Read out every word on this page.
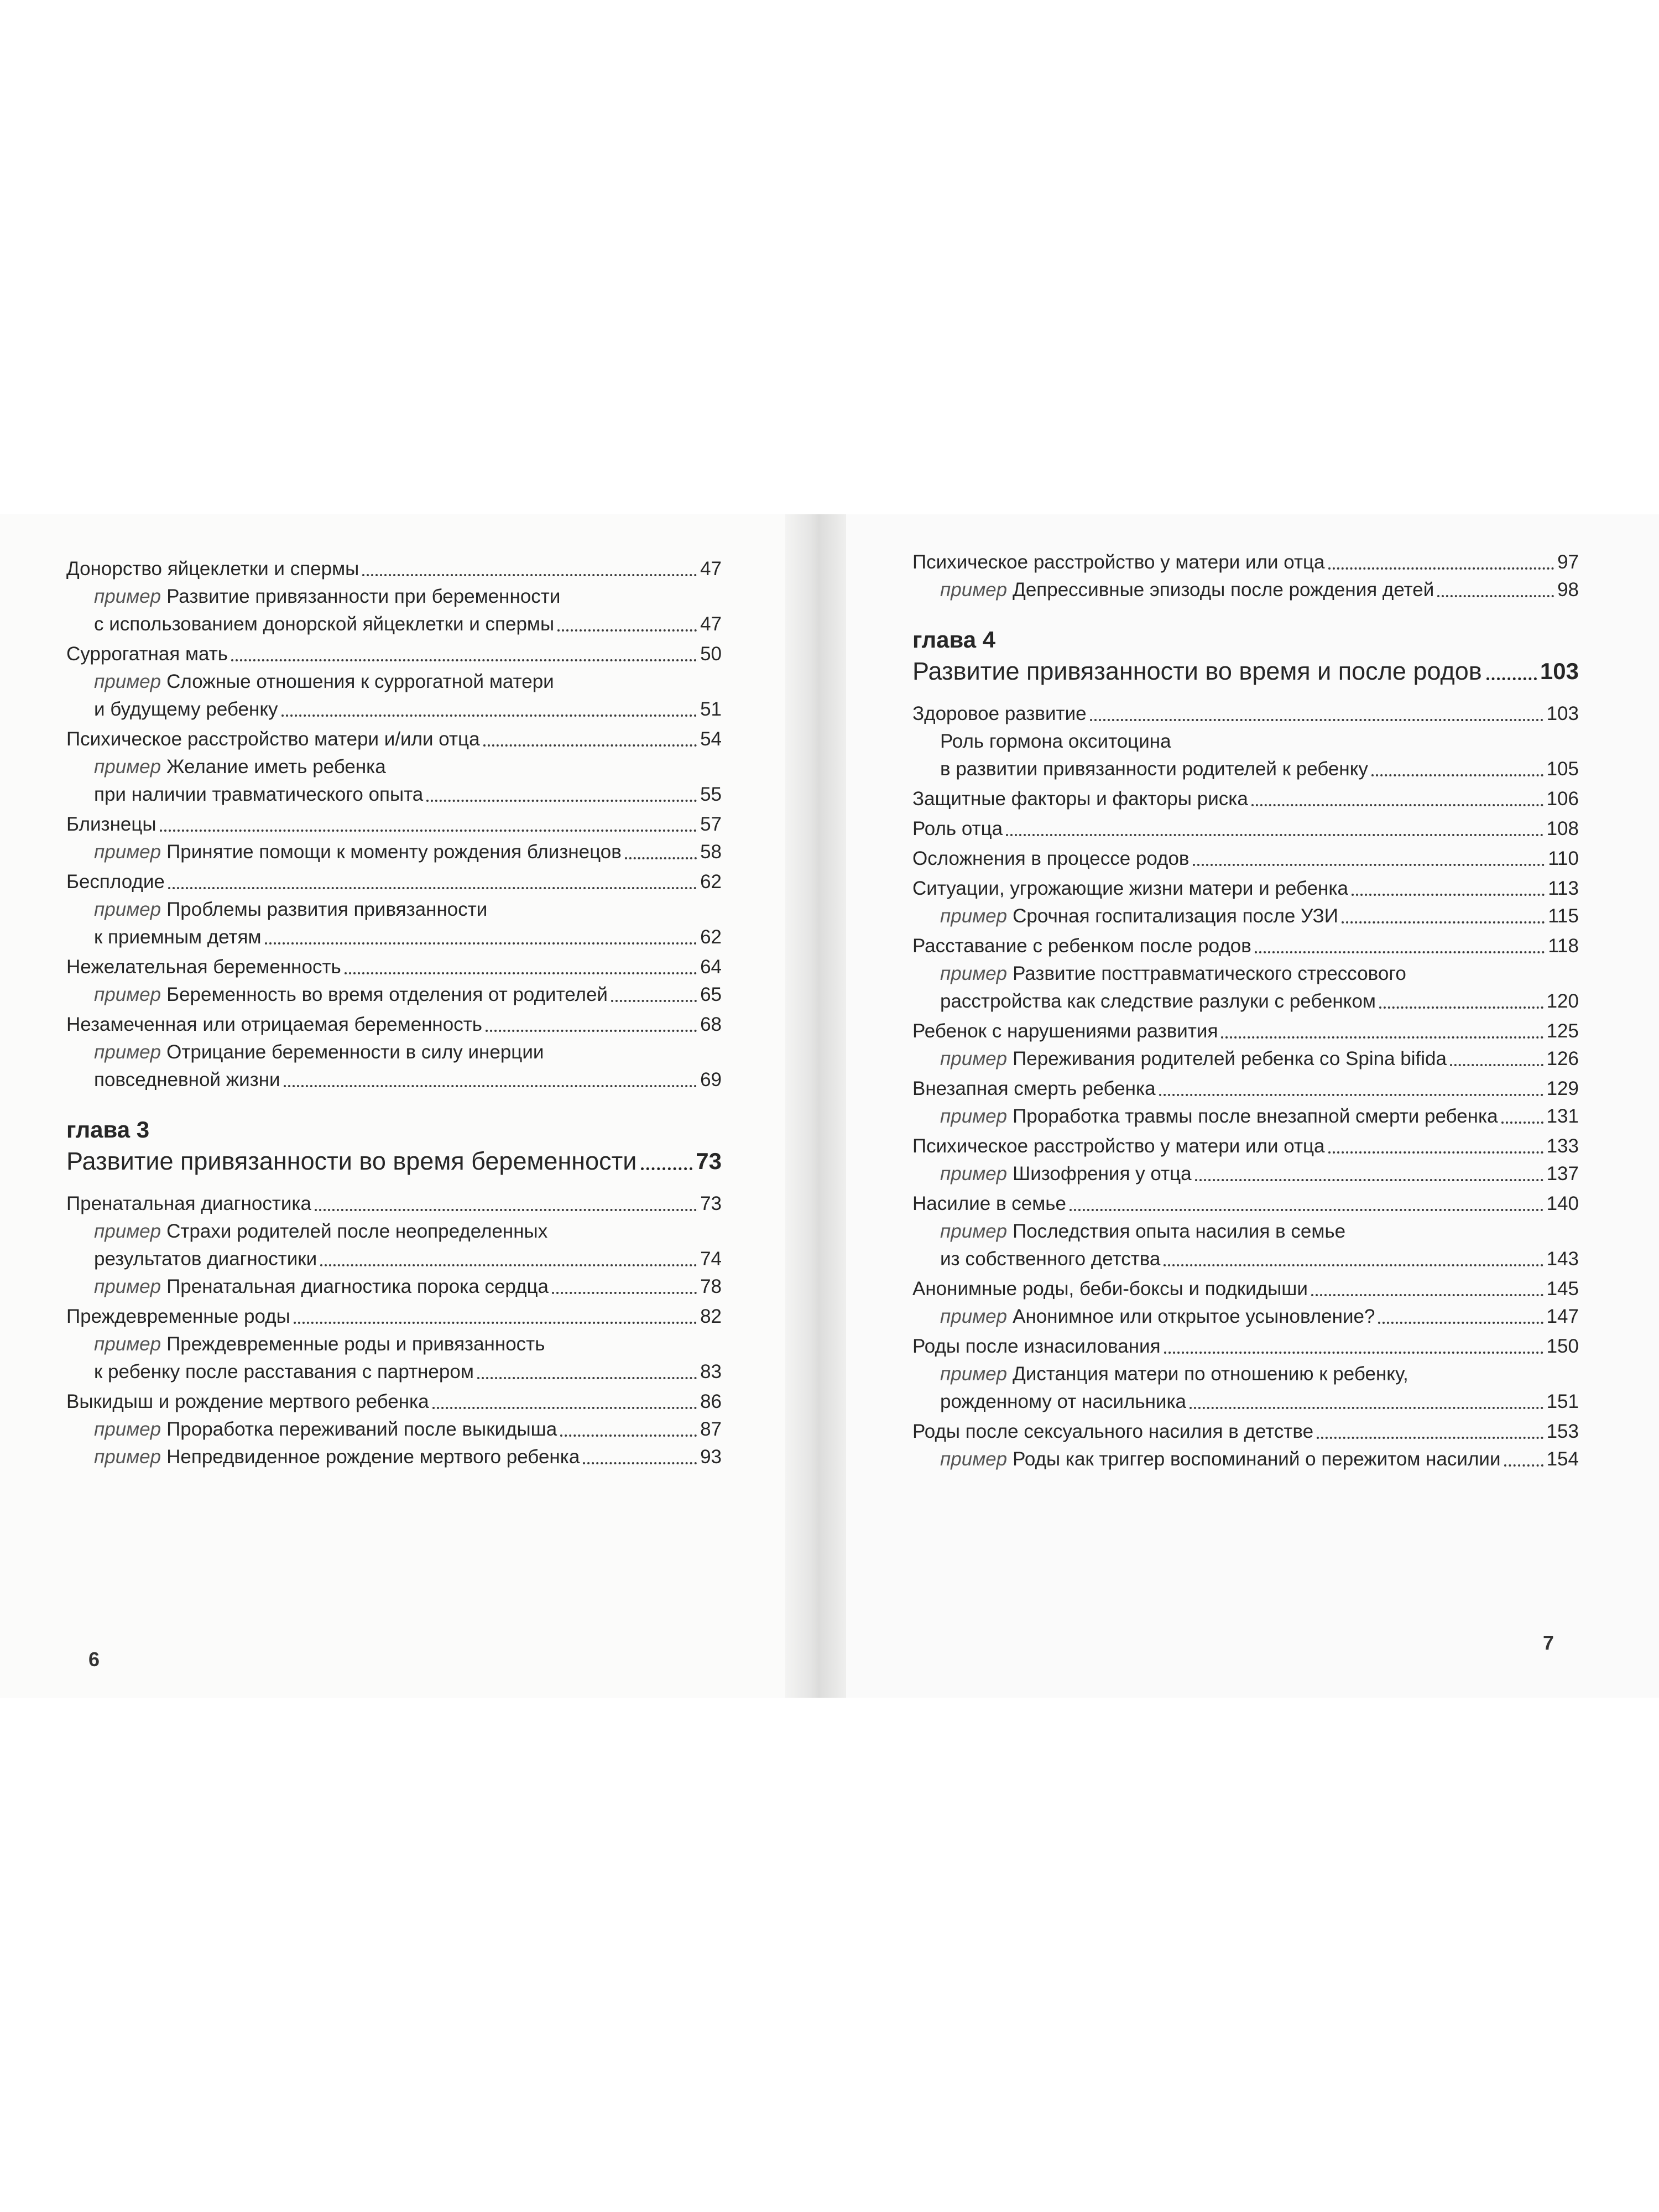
Донорство яйцеклетки и спермы	47
пример Развитие привязанности при беременности
с использованием донорской яйцеклетки и спермы	47
Суррогатная мать	50
пример Сложные отношения к суррогатной матери
и будущему ребенку	51
Психическое расстройство матери и/или отца	54
пример Желание иметь ребенка
при наличии травматического опыта	55
Близнецы	57
пример Принятие помощи к моменту рождения близнецов	58
Бесплодие	62
пример Проблемы развития привязанности
к приемным детям	62
Нежелательная беременность	64
пример Беременность во время отделения от родителей	65
Незамеченная или отрицаемая беременность	68
пример Отрицание беременности в силу инерции
повседневной жизни	69
глава 3
Развитие привязанности во время беременности	73
Пренатальная диагностика	73
пример Страхи родителей после неопределенных
результатов диагностики	74
пример Пренатальная диагностика порока сердца	78
Преждевременные роды	82
пример Преждевременные роды и привязанность
к ребенку после расставания с партнером	83
Выкидыш и рождение мертвого ребенка	86
пример Проработка переживаний после выкидыша	87
пример Непредвиденное рождение мертвого ребенка	93
Психическое расстройство у матери или отца	97
пример Депрессивные эпизоды после рождения детей	98
глава 4
Развитие привязанности во время и после родов	103
Здоровое развитие	103
Роль гормона окситоцина
в развитии привязанности родителей к ребенку	105
Защитные факторы и факторы риска	106
Роль отца	108
Осложнения в процессе родов	110
Ситуации, угрожающие жизни матери и ребенка	113
пример Срочная госпитализация после УЗИ	115
Расставание с ребенком после родов	118
пример Развитие посттравматического стрессового
расстройства как следствие разлуки с ребенком	120
Ребенок с нарушениями развития	125
пример Переживания родителей ребенка со Spina bifida	126
Внезапная смерть ребенка	129
пример Проработка травмы после внезапной смерти ребенка	131
Психическое расстройство у матери или отца	133
пример Шизофрения у отца	137
Насилие в семье	140
пример Последствия опыта насилия в семье
из собственного детства	143
Анонимные роды, беби-боксы и подкидыши	145
пример Анонимное или открытое усыновление?	147
Роды после изнасилования	150
пример Дистанция матери по отношению к ребенку,
рожденному от насильника	151
Роды после сексуального насилия в детстве	153
пример Роды как триггер воспоминаний о пережитом насилии 154
6
7
